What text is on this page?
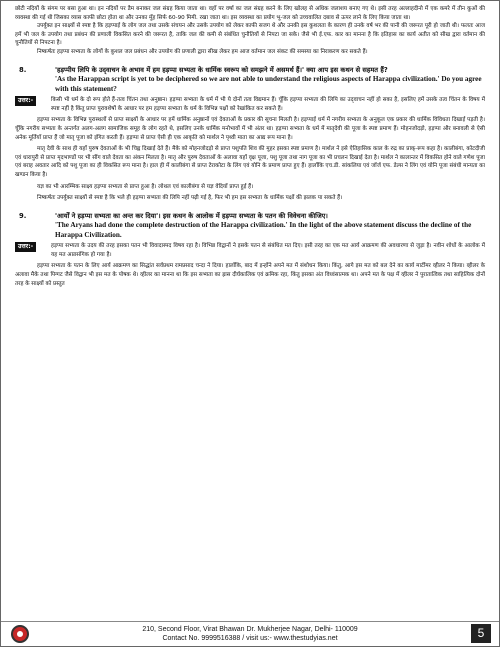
छोटी नदियों के संगम पर बसा हुआ था। इन नदियों पर डैम बनाकर जल संग्रह किया जाता था। वहाँ पर वर्षा का जल संग्रह करने के लिए खोलह से अधिक जलाशय बनाए गए थे। इसी तरह अल्लाहदीनो में एक कमरे में तीन कुओं की व्यवस्था की गई थी जिसका व्यास काफी छोटा होता था और उनका मुँह सिर्फ 60-90 मिमी. रखा जाता था। इस व्यवस्था का प्रयोग भू-जल को उच्चवालित दबाव से ऊपर लाने के लिए किया जाता था।

उपर्युक्त इन साक्ष्यों से स्पष्ट है कि हड़प्पाई के लोग जल तथा उसके संचयन और उसके उपयोग को लेकर काफी सजग थे और उनकी इस कुशलता के कारण ही उनके वर्ष भर की पानी की जरूरत पूरी हो जाती थी। फलतः आज हमें भी जल के उपयोग तथा प्रबंधन की प्रणाली विकसित करने की जरूरत है, ताकि जल की कमी से संबंधित चुनौतियों से निपटा जा सके। जैसे भी ई.एफ. कार का मानना है कि इतिहास का कार्य अतीत को सीख द्वारा वर्तमान की चुनौतियों से निपटना है।

निष्कर्षतः हड़प्पा सभ्यता के लोगों के कुशल जल प्रबंधन और उपयोग की प्रणाली द्वारा सीख लेकर हम आज वर्तमान जल संकट की समस्या का निराकरण कर सकते हैं।

8.	'हड़प्पीय लिपि के उद्‌वाचन के अभाव में हम हड़प्पा सभ्यता के धार्मिक स्वरूप को समझने में असमर्थ हैं।' क्या आप इस कथन से सहमत हैं?

'As the Harappan script is yet to be deciphered so we are not able to understand the religious aspects of Harappa civilization.' Do you agree with this statement?

उत्तर:-	किसी भी धर्म के दो रूप होते हैं-तत्व चिंतन तथा अनुष्ठान। हड़प्पा सभ्यता के धर्म में भी ये दोनों तत्व विद्यमान हैं। चूँकि हड़प्पा सभ्यता की लिपि का उद्‌वाचन नहीं हो सका है, इसलिए हमें उसके तत्व चिंतन के विषय में स्पष्ट नहीं है किंतु प्राप्त पुरावशेषों के आधार पर हम हड़प्पा सभ्यता के धर्म के विभिन्न पक्षों को रेखांकित कर सकते हैं।

हड़प्पा सभ्यता के विभिन्न पुरास्थलों से प्राप्त साक्ष्यों के आधार पर हमें धार्मिक अनुष्ठानों एवं देवताओं के प्रकार की सूचना मिलती है। हड़प्पाई धर्म में नगरीय सभ्यता के अनुकूल एक प्रकार की धार्मिक विविधता दिखाई पड़ती है। चूँकि नगरीय सभ्यता के अन्तर्गत अलग-अलग सामाजिक समूह के लोग रहते थे, इसलिए उनके धार्मिक मनोभावों में भी अंतर था। हड़प्पा सभ्यता के धर्म में मातृदेवी की पूजा के स्पष्ट प्रमाण हैं। मोहनजोदड़ो, हड़प्पा और बनावली से ऐसी अनेक मूर्तियाँ प्राप्त हैं जो मातृ पूजा को इंगित करती हैं। हड़प्पा से प्राप्त ऐसी ही एक आकृति को मार्शल ने पृथ्वी माता का आद्य रूप माना है।

मातृ देवी के साथ ही यहाँ पुरुष देवताओं के भी चिह्न दिखाई देते हैं। मैके को मोहनजोदड़ो से प्राप्त पशुपति शिव की मुहर इसका स्पष्ट प्रमाण है। मार्शल ने इसे ऐतिहासिक काल के रुद्र का प्राक्-रूप कहा है। कालीबंगा, कोटदीजी एवं धारापुरी से प्राप्त मृदभाण्डों पर भी सींग वाले देवता का अंकन मिलता है। मातृ और पुरुष देवताओं के अलावा यहाँ वृक्ष पूजा, पशु पूजा तथा नाग पूजा का भी प्रचलन दिखाई देता है। मार्शल ने कालान्तर में विकसित होने वाले गणेश पूजा एवं बराह अवतार आदि को पशु पूजा का ही विकसित रूप माना है। हाल ही में कालीबंगा से प्राप्त टेराकोटा के लिंग एवं योनि के प्रमाण प्राप्त हुए हैं। हालाँकि एच.डी. सांकलिया एवं जॉर्ज एफ. डेल्स ने लिंग एवं योनि पूजा संबंधी मान्यता का खण्डन किया है।

यज्ञ का भी आरम्भिक साक्ष्य हड़प्पा सभ्यता से प्राप्त हुआ है। लोथल एवं कालीबंगा से यज्ञ वेदियाँ प्राप्त हुई हैं।

निष्कर्षतः उपर्युक्त साक्ष्यों से स्पष्ट है कि भले ही हड़प्पा सभ्यता की लिपि नहीं पढ़ी गई है, फिर भी हम इस सभ्यता के धार्मिक पक्षों की झलक पा सकते हैं।

9.	'आर्यों ने हड़प्पा सभ्यता का अन्त कर दिया'। इस कथन के आलोक में हड़प्पा सभ्यता के पतन की विवेचना कीजिए।

'The Aryans had done the complete destruction of the Harappa civilization.' In the light of the above statement discuss the decline of the Harappa Civilization.

उत्तर:-	हड़प्पा सभ्यता के उदय की तरह इसका पतन भी विवादास्पद विषय रहा है। विभिन्न विद्वानों ने इसके पतन से संबंधित मत दिए। इसी तरह का एक मत आर्य आक्रमण की अवधारणा से जुड़ा है। नवीन शोधों के आलोक में यह मत अप्रासंगिक हो गया है।

हड़प्पा सभ्यता के पतन के लिए आर्य आक्रमण का सिद्धांत सर्वप्रथम रामप्रसाद चन्दा ने दिया। हालाँकि, बाद में इन्होंने अपने मत में संशोधन किया। किंतु, आगे इस मत को बल देने का कार्य मार्टीमर व्हीलर ने किया। व्हीलर के अलावा मैके तथा पिग्गट जैसे विद्वान भी इस मत के पोषक थे। व्हीलर का मानना था कि इस सभ्यता का ह्रास दीर्घकालिक एवं क्रमिक रहा, किंतु इसका अंत विध्वंसात्मक था। अपने मत के पक्ष में व्हीलर ने पुरातात्विक तथा साहित्यिक दोनों तरह के साक्ष्यों को प्रस्तुत

210, Second Floor, Virat Bhawan Dr. Mukherjee Nagar, Delhi- 110009
Contact No. 9999516388 / visit us:- www.thestudyias.net	5
